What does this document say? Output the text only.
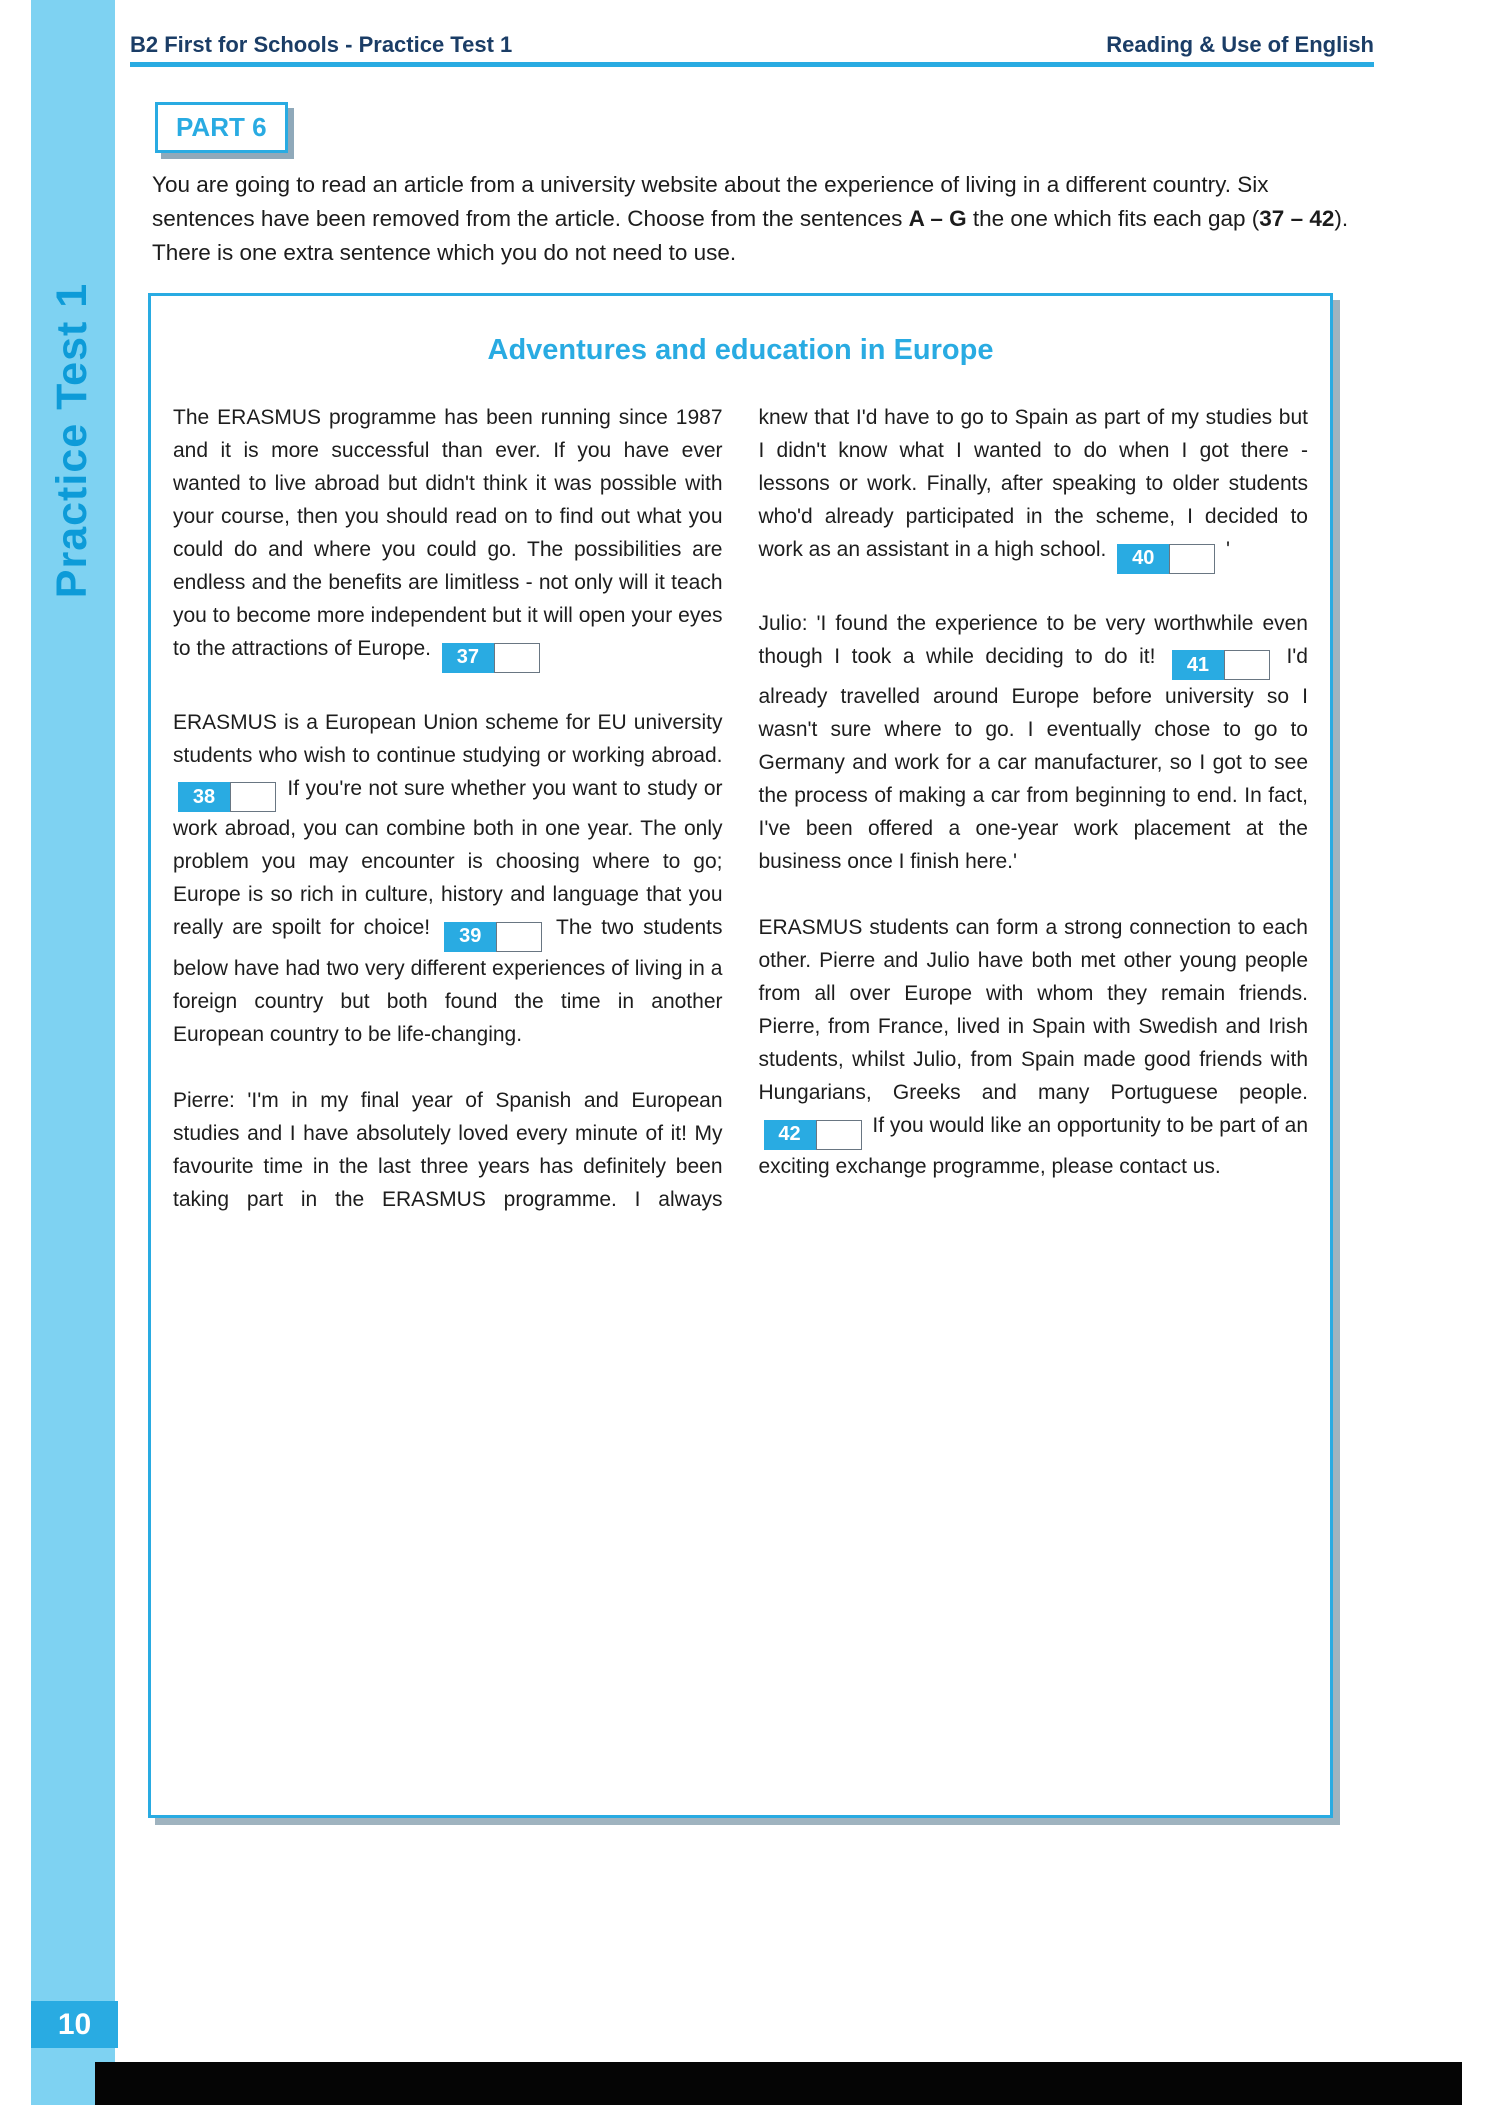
Practice Test 1
10
B2 First for Schools - Practice Test 1	Reading & Use of English
PART 6

You are going to read an article from a university website about the experience of living in a different country. Six sentences have been removed from the article. Choose from the sentences A – G the one which fits each gap (37 – 42). There is one extra sentence which you do not need to use.

Adventures and education in Europe

The ERASMUS programme has been running since 1987 and it is more successful than ever. If you have ever wanted to live abroad but didn't think it was possible with your course, then you should read on to find out what you could do and where you could go. The possibilities are endless and the benefits are limitless - not only will it teach you to become more independent but it will open your eyes to the attractions of Europe. 37

ERASMUS is a European Union scheme for EU university students who wish to continue studying or working abroad.
38	If you're not sure whether you want to study or work abroad, you can combine both in one year. The only problem you may encounter is choosing where to go; Europe is so rich in culture, history and language that you really are spoilt for choice! 39	The two students below have had two very different experiences of living in a foreign country but both found the time in another European country to be life-changing.

Pierre: 'I'm in my final year of Spanish and European studies and I have absolutely loved every minute of it! My favourite time in the last three years has definitely been taking part in the ERASMUS programme. I always

knew that I'd have to go to Spain as part of my studies but I didn't know what I wanted to do when I got there - lessons or work. Finally, after speaking to older students who'd already participated in the scheme, I decided to work as an assistant in a high school. 40	'

Julio: 'I found the experience to be very worthwhile even though I took a while deciding to do it! 41	I'd already travelled around Europe before university so I wasn't sure where to go. I eventually chose to go to Germany and work for a car manufacturer, so I got to see the process of making a car from beginning to end. In fact, I've been offered a one-year work placement at the business once I finish here.'

ERASMUS students can form a strong connection to each other. Pierre and Julio have both met other young people from all over Europe with whom they remain friends. Pierre, from France, lived in Spain with Swedish and Irish students, whilst Julio, from Spain made good friends with Hungarians, Greeks and many Portuguese people.
42	If you would like an opportunity to be part of an exciting exchange programme, please contact us.
